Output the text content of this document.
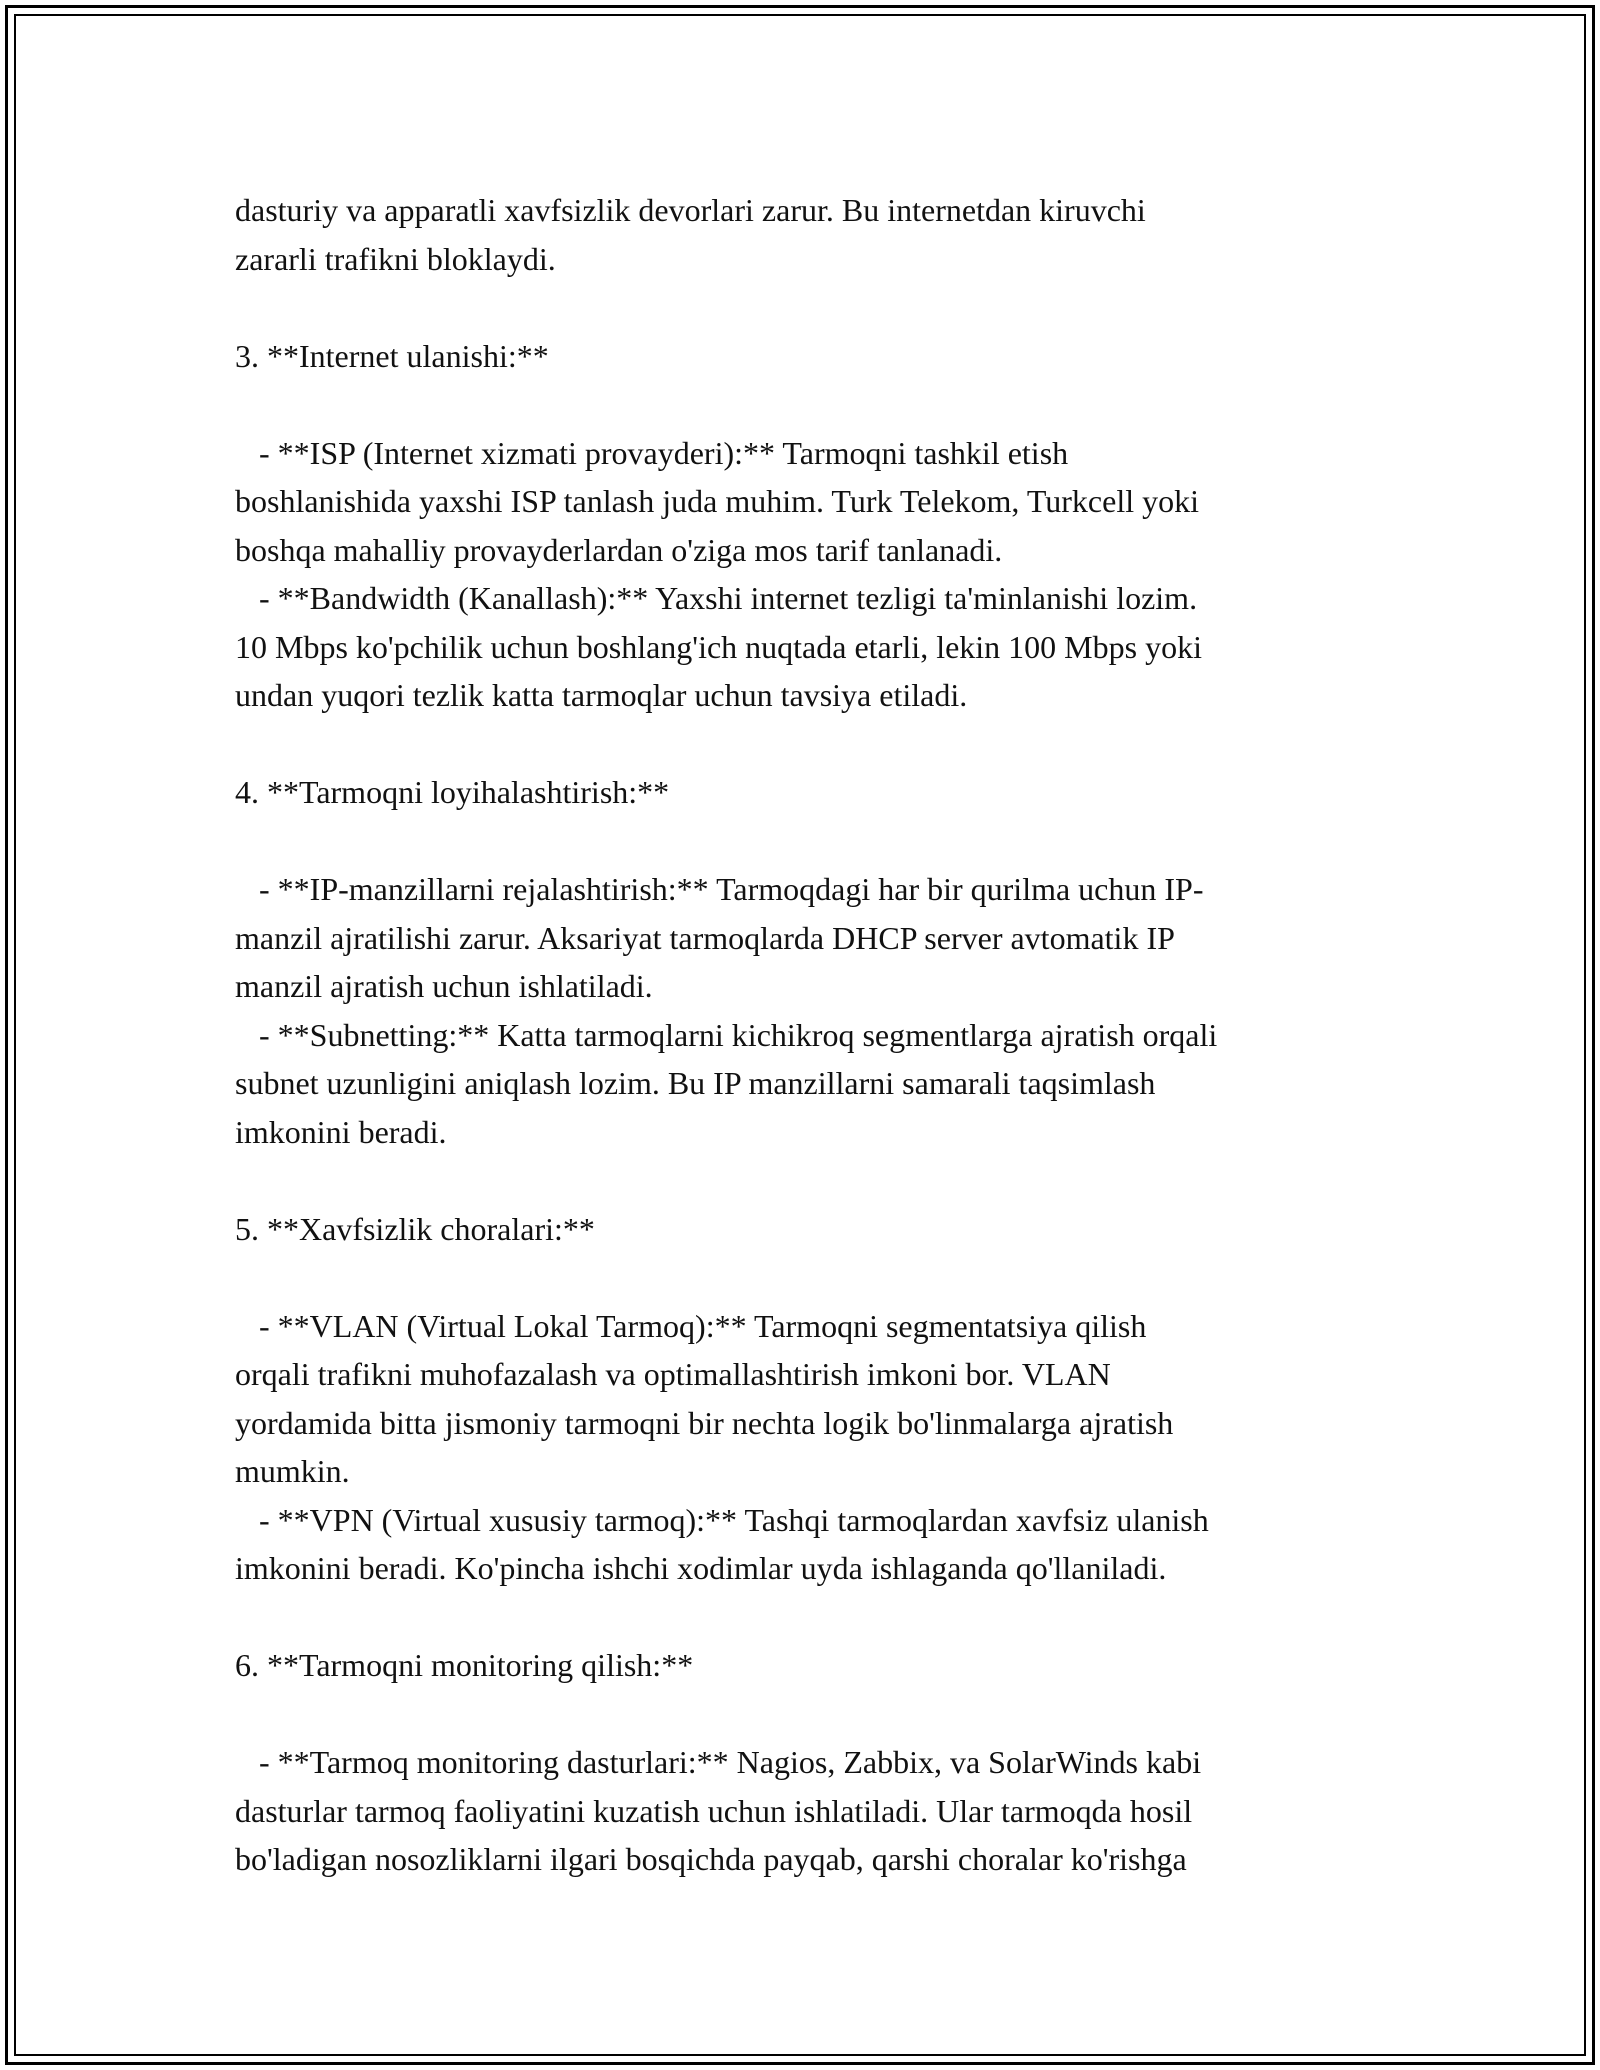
dasturiy va apparatli xavfsizlik devorlari zarur. Bu internetdan kiruvchi
zararli trafikni bloklaydi.
3. **Internet ulanishi:**
- **ISP (Internet xizmati provayderi):** Tarmoqni tashkil etish
boshlanishida yaxshi ISP tanlash juda muhim. Turk Telekom, Turkcell yoki
boshqa mahalliy provayderlardan o'ziga mos tarif tanlanadi.
- **Bandwidth (Kanallash):** Yaxshi internet tezligi ta'minlanishi lozim.
10 Mbps ko'pchilik uchun boshlang'ich nuqtada etarli, lekin 100 Mbps yoki
undan yuqori tezlik katta tarmoqlar uchun tavsiya etiladi.
4. **Tarmoqni loyihalashtirish:**
- **IP-manzillarni rejalashtirish:** Tarmoqdagi har bir qurilma uchun IP-
manzil ajratilishi zarur. Aksariyat tarmoqlarda DHCP server avtomatik IP
manzil ajratish uchun ishlatiladi.
- **Subnetting:** Katta tarmoqlarni kichikroq segmentlarga ajratish orqali
subnet uzunligini aniqlash lozim. Bu IP manzillarni samarali taqsimlash
imkonini beradi.
5. **Xavfsizlik choralari:**
- **VLAN (Virtual Lokal Tarmoq):** Tarmoqni segmentatsiya qilish
orqali trafikni muhofazalash va optimallashtirish imkoni bor. VLAN
yordamida bitta jismoniy tarmoqni bir nechta logik bo'linmalarga ajratish
mumkin.
- **VPN (Virtual xususiy tarmoq):** Tashqi tarmoqlardan xavfsiz ulanish
imkonini beradi. Ko'pincha ishchi xodimlar uyda ishlaganda qo'llaniladi.
6. **Tarmoqni monitoring qilish:**
- **Tarmoq monitoring dasturlari:** Nagios, Zabbix, va SolarWinds kabi
dasturlar tarmoq faoliyatini kuzatish uchun ishlatiladi. Ular tarmoqda hosil
bo'ladigan nosozliklarni ilgari bosqichda payqab, qarshi choralar ko'rishga
